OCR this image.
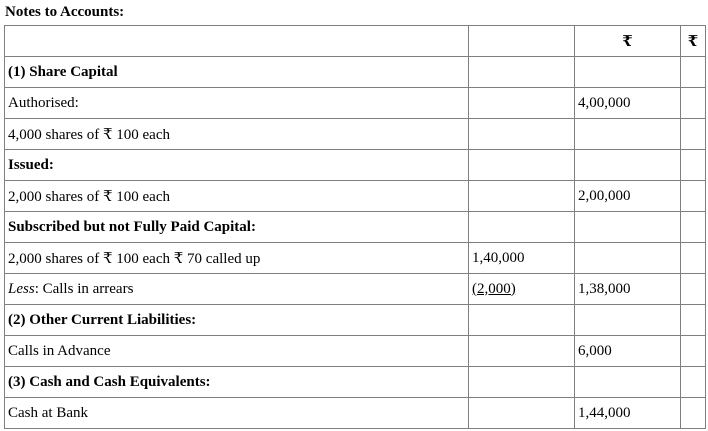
Notes to Accounts:
		₹	₹
(1) Share Capital			
Authorised:		4,00,000	
4,000 shares of ₹ 100 each			
Issued:			
2,000 shares of ₹ 100 each		2,00,000	
Subscribed but not Fully Paid Capital:			
2,000 shares of ₹ 100 each ₹ 70 called up	1,40,000		
Less: Calls in arrears	(2,000)	1,38,000	
(2) Other Current Liabilities:			
Calls in Advance		6,000	
(3) Cash and Cash Equivalents:			
Cash at Bank		1,44,000	
